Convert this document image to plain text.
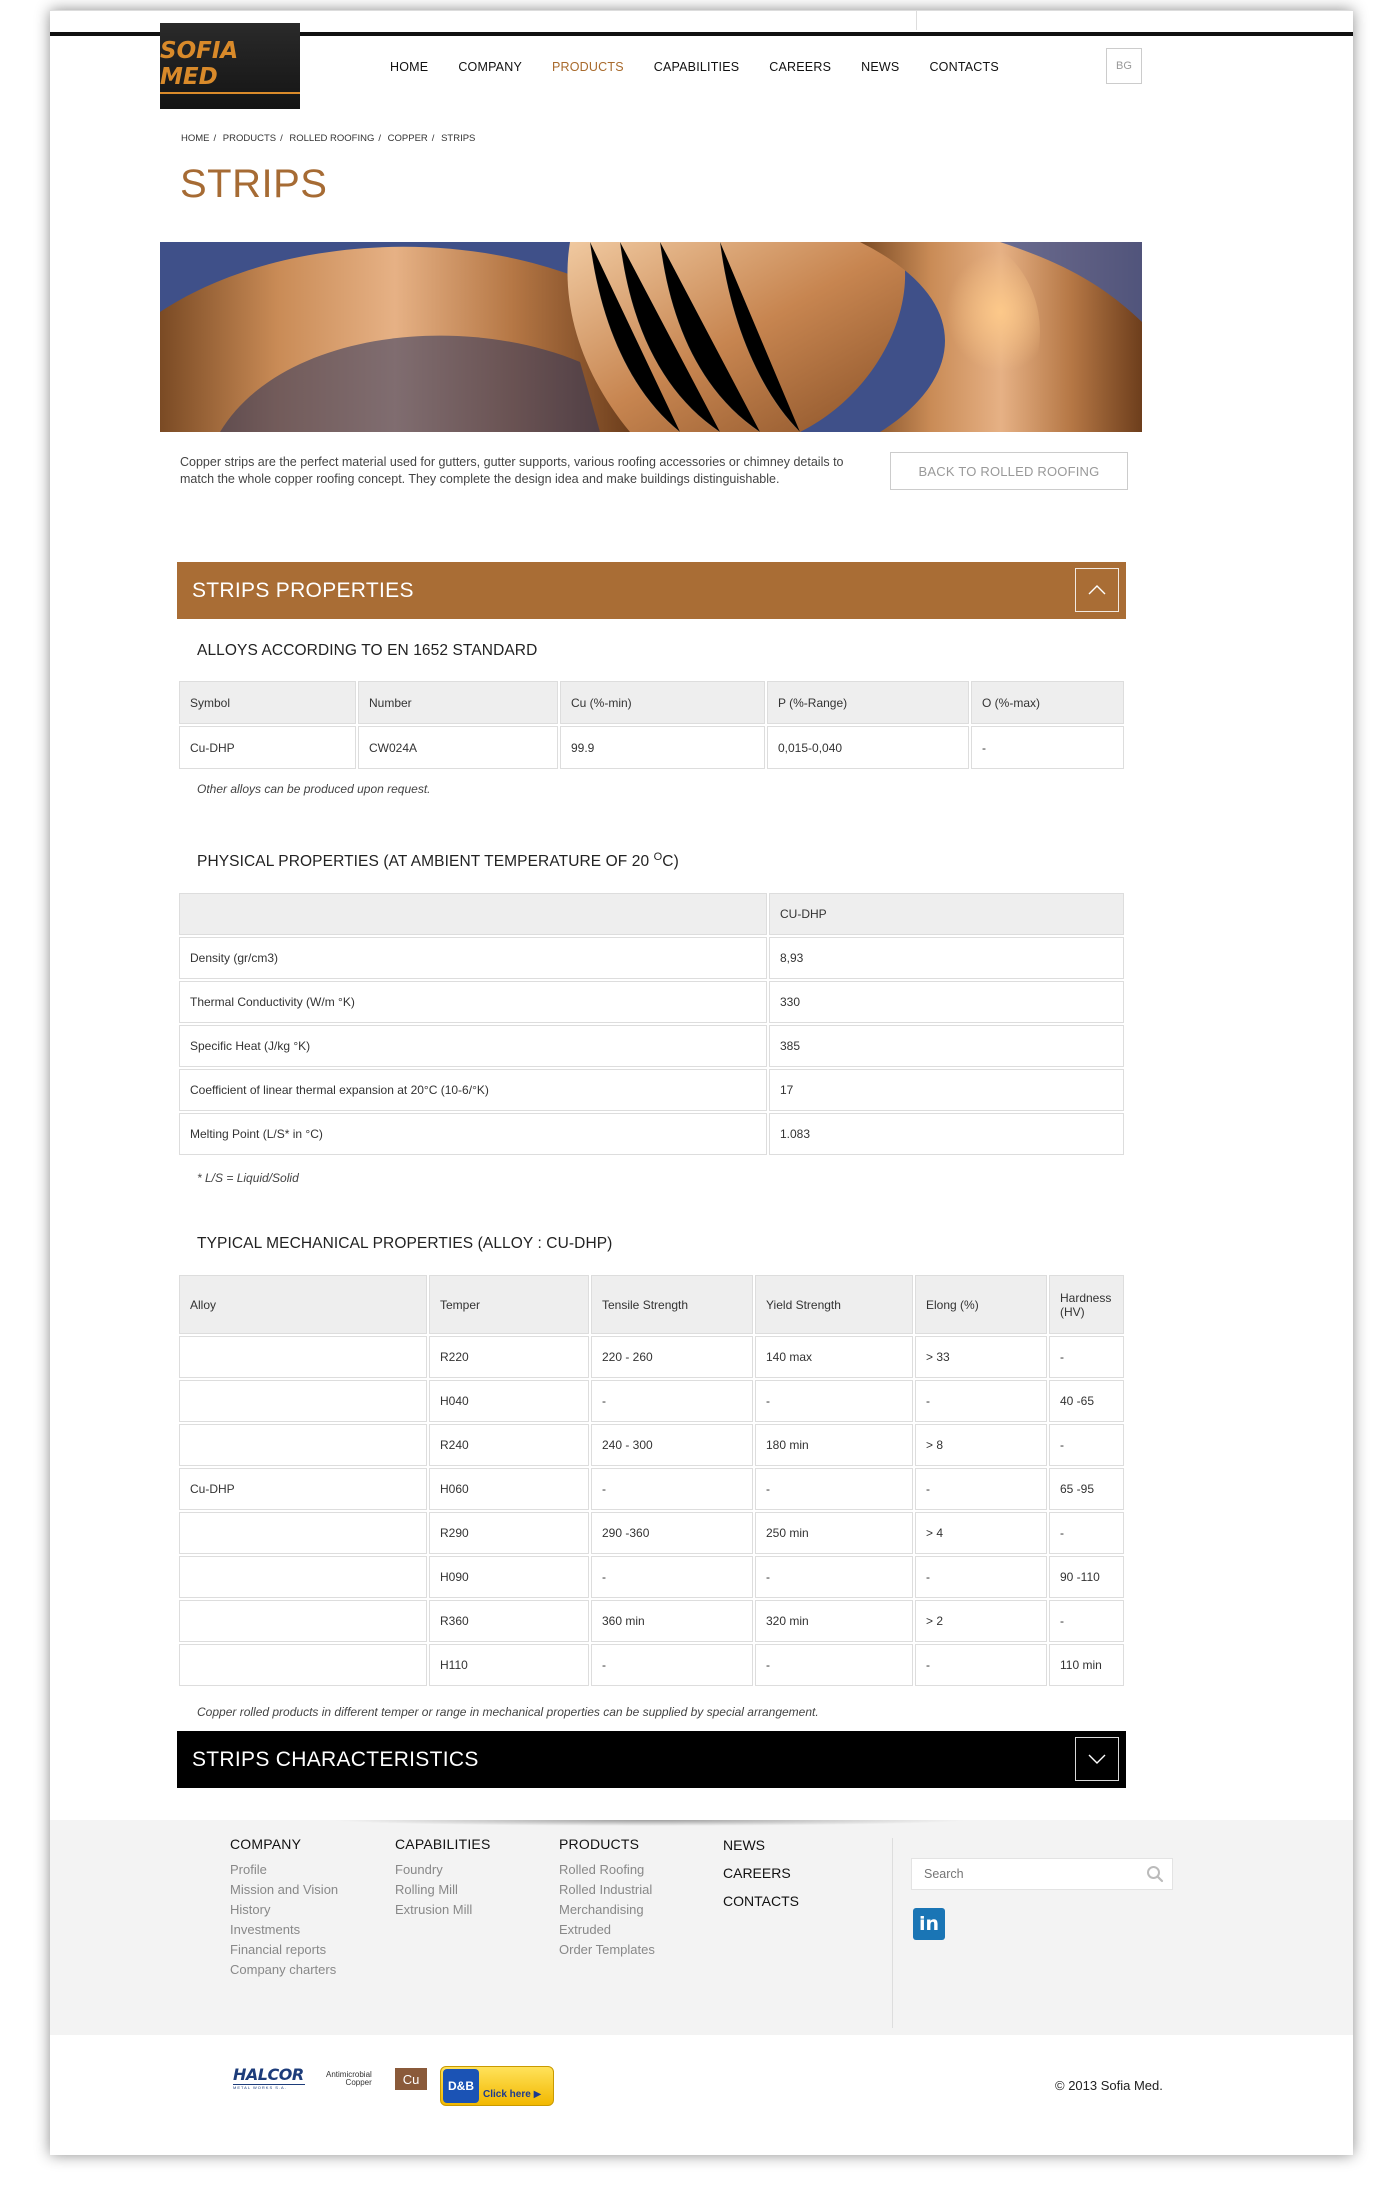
SOFIA MED	HOME COMPANY PRODUCTS CAPABILITIES CAREERS NEWS CONTACTS	BG
HOME / PRODUCTS / ROLLED ROOFING / COPPER / STRIPS
STRIPS
Copper strips are the perfect material used for gutters, gutter supports, various roofing accessories or chimney details to match the whole copper roofing concept. They complete the design idea and make buildings distinguishable.
BACK TO ROLLED ROOFING
STRIPS PROPERTIES
ALLOYS ACCORDING TO EN 1652 STANDARD
Symbol	Number	Cu (%-min)	P (%-Range)	O (%-max)
Cu-DHP	CW024A	99.9	0,015-0,040	-
Other alloys can be produced upon request.
PHYSICAL PROPERTIES (AT AMBIENT TEMPERATURE OF 20 $^O$C)
	CU-DHP
Density (gr/cm3)	8,93
Thermal Conductivity (W/m °K)	330
Specific Heat (J/kg °K)	385
Coefficient of linear thermal expansion at 20°C (10-6/°K)	17
Melting Point (L/S* in °C)	1.083
* L/S = Liquid/Solid
TYPICAL MECHANICAL PROPERTIES (ALLOY : CU-DHP)
Alloy	Temper	Tensile Strength	Yield Strength	Elong (%)	Hardness (HV)
	R220	220 - 260	140 max	> 33	-
	H040	-	-	-	40 -65
	R240	240 - 300	180 min	> 8	-
Cu-DHP	H060	-	-	-	65 -95
	R290	290 -360	250 min	> 4	-
	H090	-	-	-	90 -110
	R360	360 min	320 min	> 2	-
	H110	-	-	-	110 min
Copper rolled products in different temper or range in mechanical properties can be supplied by special arrangement.
STRIPS CHARACTERISTICS
COMPANY
Profile
Mission and Vision
History
Investments
Financial reports
Company charters
CAPABILITIES
Foundry
Rolling Mill
Extrusion Mill
PRODUCTS
Rolled Roofing
Rolled Industrial
Merchandising
Extruded
Order Templates
NEWS
CAREERS
CONTACTS
Search
in
HALCOR
METAL WORKS S.A.
Antimicrobial
Copper	Cu	D&B
Click here ▶
© 2013 Sofia Med.
